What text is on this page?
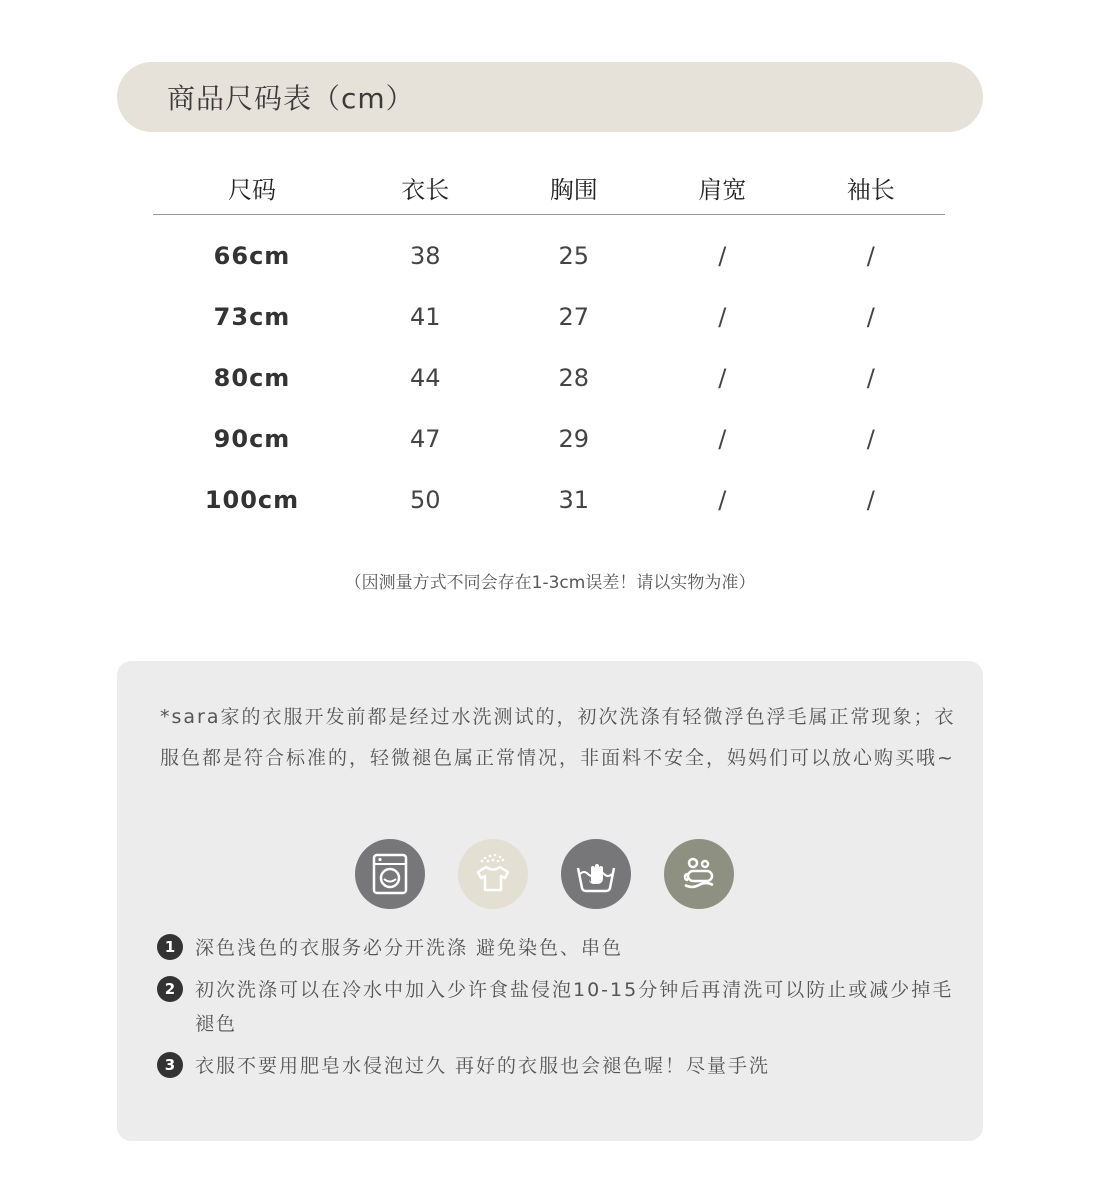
商品尺码表（cm）
尺码	衣长	胸围	肩宽	袖长
66cm	38	25	/	/
73cm	41	27	/	/
80cm	44	28	/	/
90cm	47	29	/	/
100cm	50	31	/	/
（因测量方式不同会存在1-3cm误差！请以实物为准）

*sara家的衣服开发前都是经过水洗测试的，初次洗涤有轻微浮色浮毛属正常现象；衣服色都是符合标准的，轻微褪色属正常情况，非面料不安全，妈妈们可以放心购买哦~

1	深色浅色的衣服务必分开洗涤 避免染色、串色
2	初次洗涤可以在冷水中加入少许食盐侵泡10-15分钟后再清洗可以防止或减少掉毛褪色
3	衣服不要用肥皂水侵泡过久 再好的衣服也会褪色喔！尽量手洗
